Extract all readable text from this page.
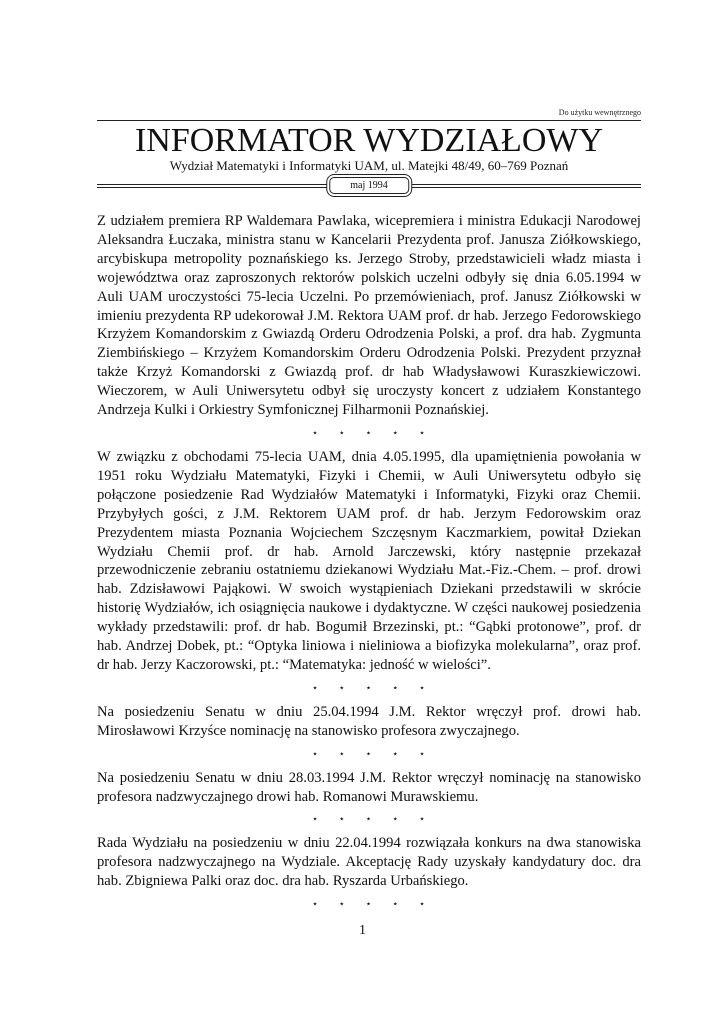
Do użytku wewnętrznego
INFORMATOR WYDZIAŁOWY
Wydział Matematyki i Informatyki UAM, ul. Matejki 48/49, 60–769 Poznań
maj 1994

Z udziałem premiera RP Waldemara Pawlaka, wicepremiera i ministra Edukacji Narodowej Aleksandra Łuczaka, ministra stanu w Kancelarii Prezydenta prof. Janusza Ziółkowskiego, arcybiskupa metropolity poznańskiego ks. Jerzego Stroby, przedstawicieli władz miasta i województwa oraz zaproszonych rektorów polskich uczelni odbyły się dnia 6.05.1994 w Auli UAM uroczystości 75-lecia Uczelni. Po przemówieniach, prof. Janusz Ziółkowski w imieniu prezydenta RP udekorował J.M. Rektora UAM prof. dr hab. Jerzego Fedorowskiego Krzyżem Komandorskim z Gwiazdą Orderu Odrodzenia Polski, a prof. dra hab. Zygmunta Ziembińskiego – Krzyżem Komandorskim Orderu Odrodzenia Polski. Prezydent przyznał także Krzyż Komandorski z Gwiazdą prof. dr hab Władysławowi Kuraszkiewiczowi. Wieczorem, w Auli Uniwersytetu odbył się uroczysty koncert z udziałem Konstantego Andrzeja Kulki i Orkiestry Symfonicznej Filharmonii Poznańskiej.

⋆ ⋆ ⋆ ⋆ ⋆

W związku z obchodami 75-lecia UAM, dnia 4.05.1995, dla upamiętnienia powołania w 1951 roku Wydziału Matematyki, Fizyki i Chemii, w Auli Uniwersytetu odbyło się połączone posiedzenie Rad Wydziałów Matematyki i Informatyki, Fizyki oraz Chemii. Przybyłych gości, z J.M. Rektorem UAM prof. dr hab. Jerzym Fedorowskim oraz Prezydentem miasta Poznania Wojciechem Szczęsnym Kaczmarkiem, powitał Dziekan Wydziału Chemii prof. dr hab. Arnold Jarczewski, który następnie przekazał przewodniczenie zebraniu ostatniemu dziekanowi Wydziału Mat.-Fiz.-Chem. – prof. drowi hab. Zdzisławowi Pająkowi. W swoich wystąpieniach Dziekani przedstawili w skrócie historię Wydziałów, ich osiągnięcia naukowe i dydaktyczne. W części naukowej posiedzenia wykłady przedstawili: prof. dr hab. Bogumił Brzezinski, pt.: “Gąbki protonowe”, prof. dr hab. Andrzej Dobek, pt.: “Optyka liniowa i nieliniowa a biofizyka molekularna”, oraz prof. dr hab. Jerzy Kaczorowski, pt.: “Matematyka: jedność w wielości”.

⋆ ⋆ ⋆ ⋆ ⋆

Na posiedzeniu Senatu w dniu 25.04.1994 J.M. Rektor wręczył prof. drowi hab. Mirosławowi Krzyśce nominację na stanowisko profesora zwyczajnego.

⋆ ⋆ ⋆ ⋆ ⋆

Na posiedzeniu Senatu w dniu 28.03.1994 J.M. Rektor wręczył nominację na stanowisko profesora nadzwyczajnego drowi hab. Romanowi Murawskiemu.

⋆ ⋆ ⋆ ⋆ ⋆

Rada Wydziału na posiedzeniu w dniu 22.04.1994 rozwiązała konkurs na dwa stanowiska profesora nadzwyczajnego na Wydziale. Akceptację Rady uzyskały kandydatury doc. dra hab. Zbigniewa Palki oraz doc. dra hab. Ryszarda Urbańskiego.

⋆ ⋆ ⋆ ⋆ ⋆
1
